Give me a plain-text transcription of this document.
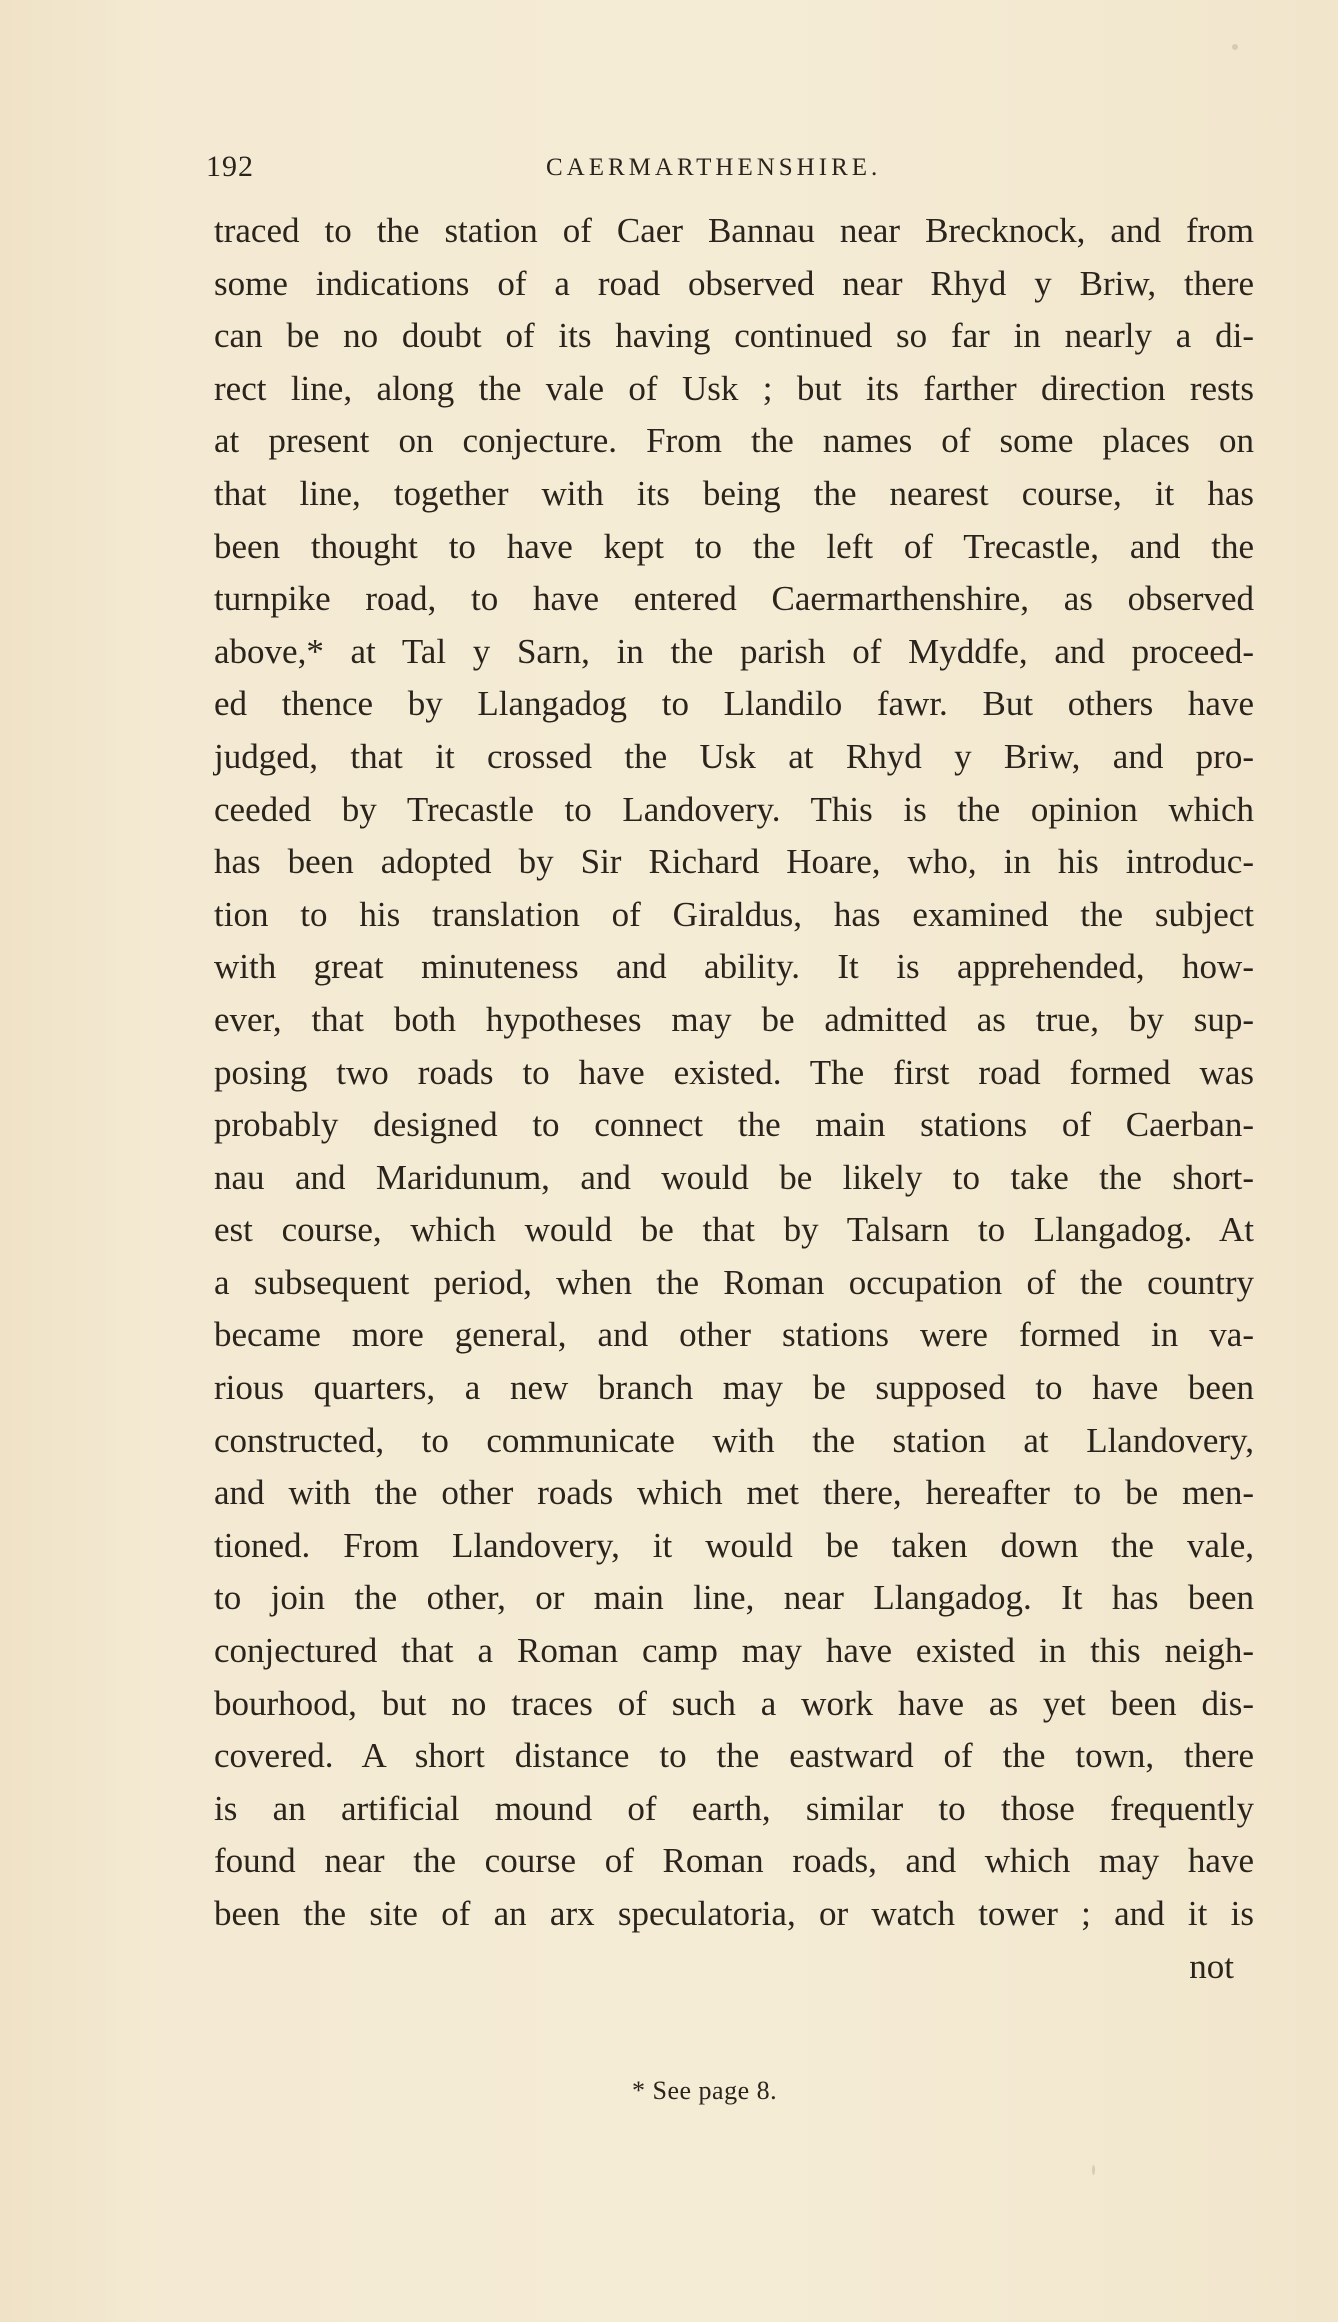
192	CAERMARTHENSHIRE.
traced to the station of Caer Bannau near Brecknock, and from
some indications of a road observed near Rhyd y Briw, there
can be no doubt of its having continued so far in nearly a di-
rect line, along the vale of Usk ; but its farther direction rests
at present on conjecture. From the names of some places on
that line, together with its being the nearest course, it has
been thought to have kept to the left of Trecastle, and the
turnpike road, to have entered Caermarthenshire, as observed
above,* at Tal y Sarn, in the parish of Myddfe, and proceed-
ed thence by Llangadog to Llandilo fawr. But others have
judged, that it crossed the Usk at Rhyd y Briw, and pro-
ceeded by Trecastle to Landovery. This is the opinion which
has been adopted by Sir Richard Hoare, who, in his introduc-
tion to his translation of Giraldus, has examined the subject
with great minuteness and ability. It is apprehended, how-
ever, that both hypotheses may be admitted as true, by sup-
posing two roads to have existed. The first road formed was
probably designed to connect the main stations of Caerban-
nau and Maridunum, and would be likely to take the short-
est course, which would be that by Talsarn to Llangadog. At
a subsequent period, when the Roman occupation of the country
became more general, and other stations were formed in va-
rious quarters, a new branch may be supposed to have been
constructed, to communicate with the station at Llandovery,
and with the other roads which met there, hereafter to be men-
tioned. From Llandovery, it would be taken down the vale,
to join the other, or main line, near Llangadog. It has been
conjectured that a Roman camp may have existed in this neigh-
bourhood, but no traces of such a work have as yet been dis-
covered. A short distance to the eastward of the town, there
is an artificial mound of earth, similar to those frequently
found near the course of Roman roads, and which may have
been the site of an arx speculatoria, or watch tower ; and it is
not
* See page 8.
